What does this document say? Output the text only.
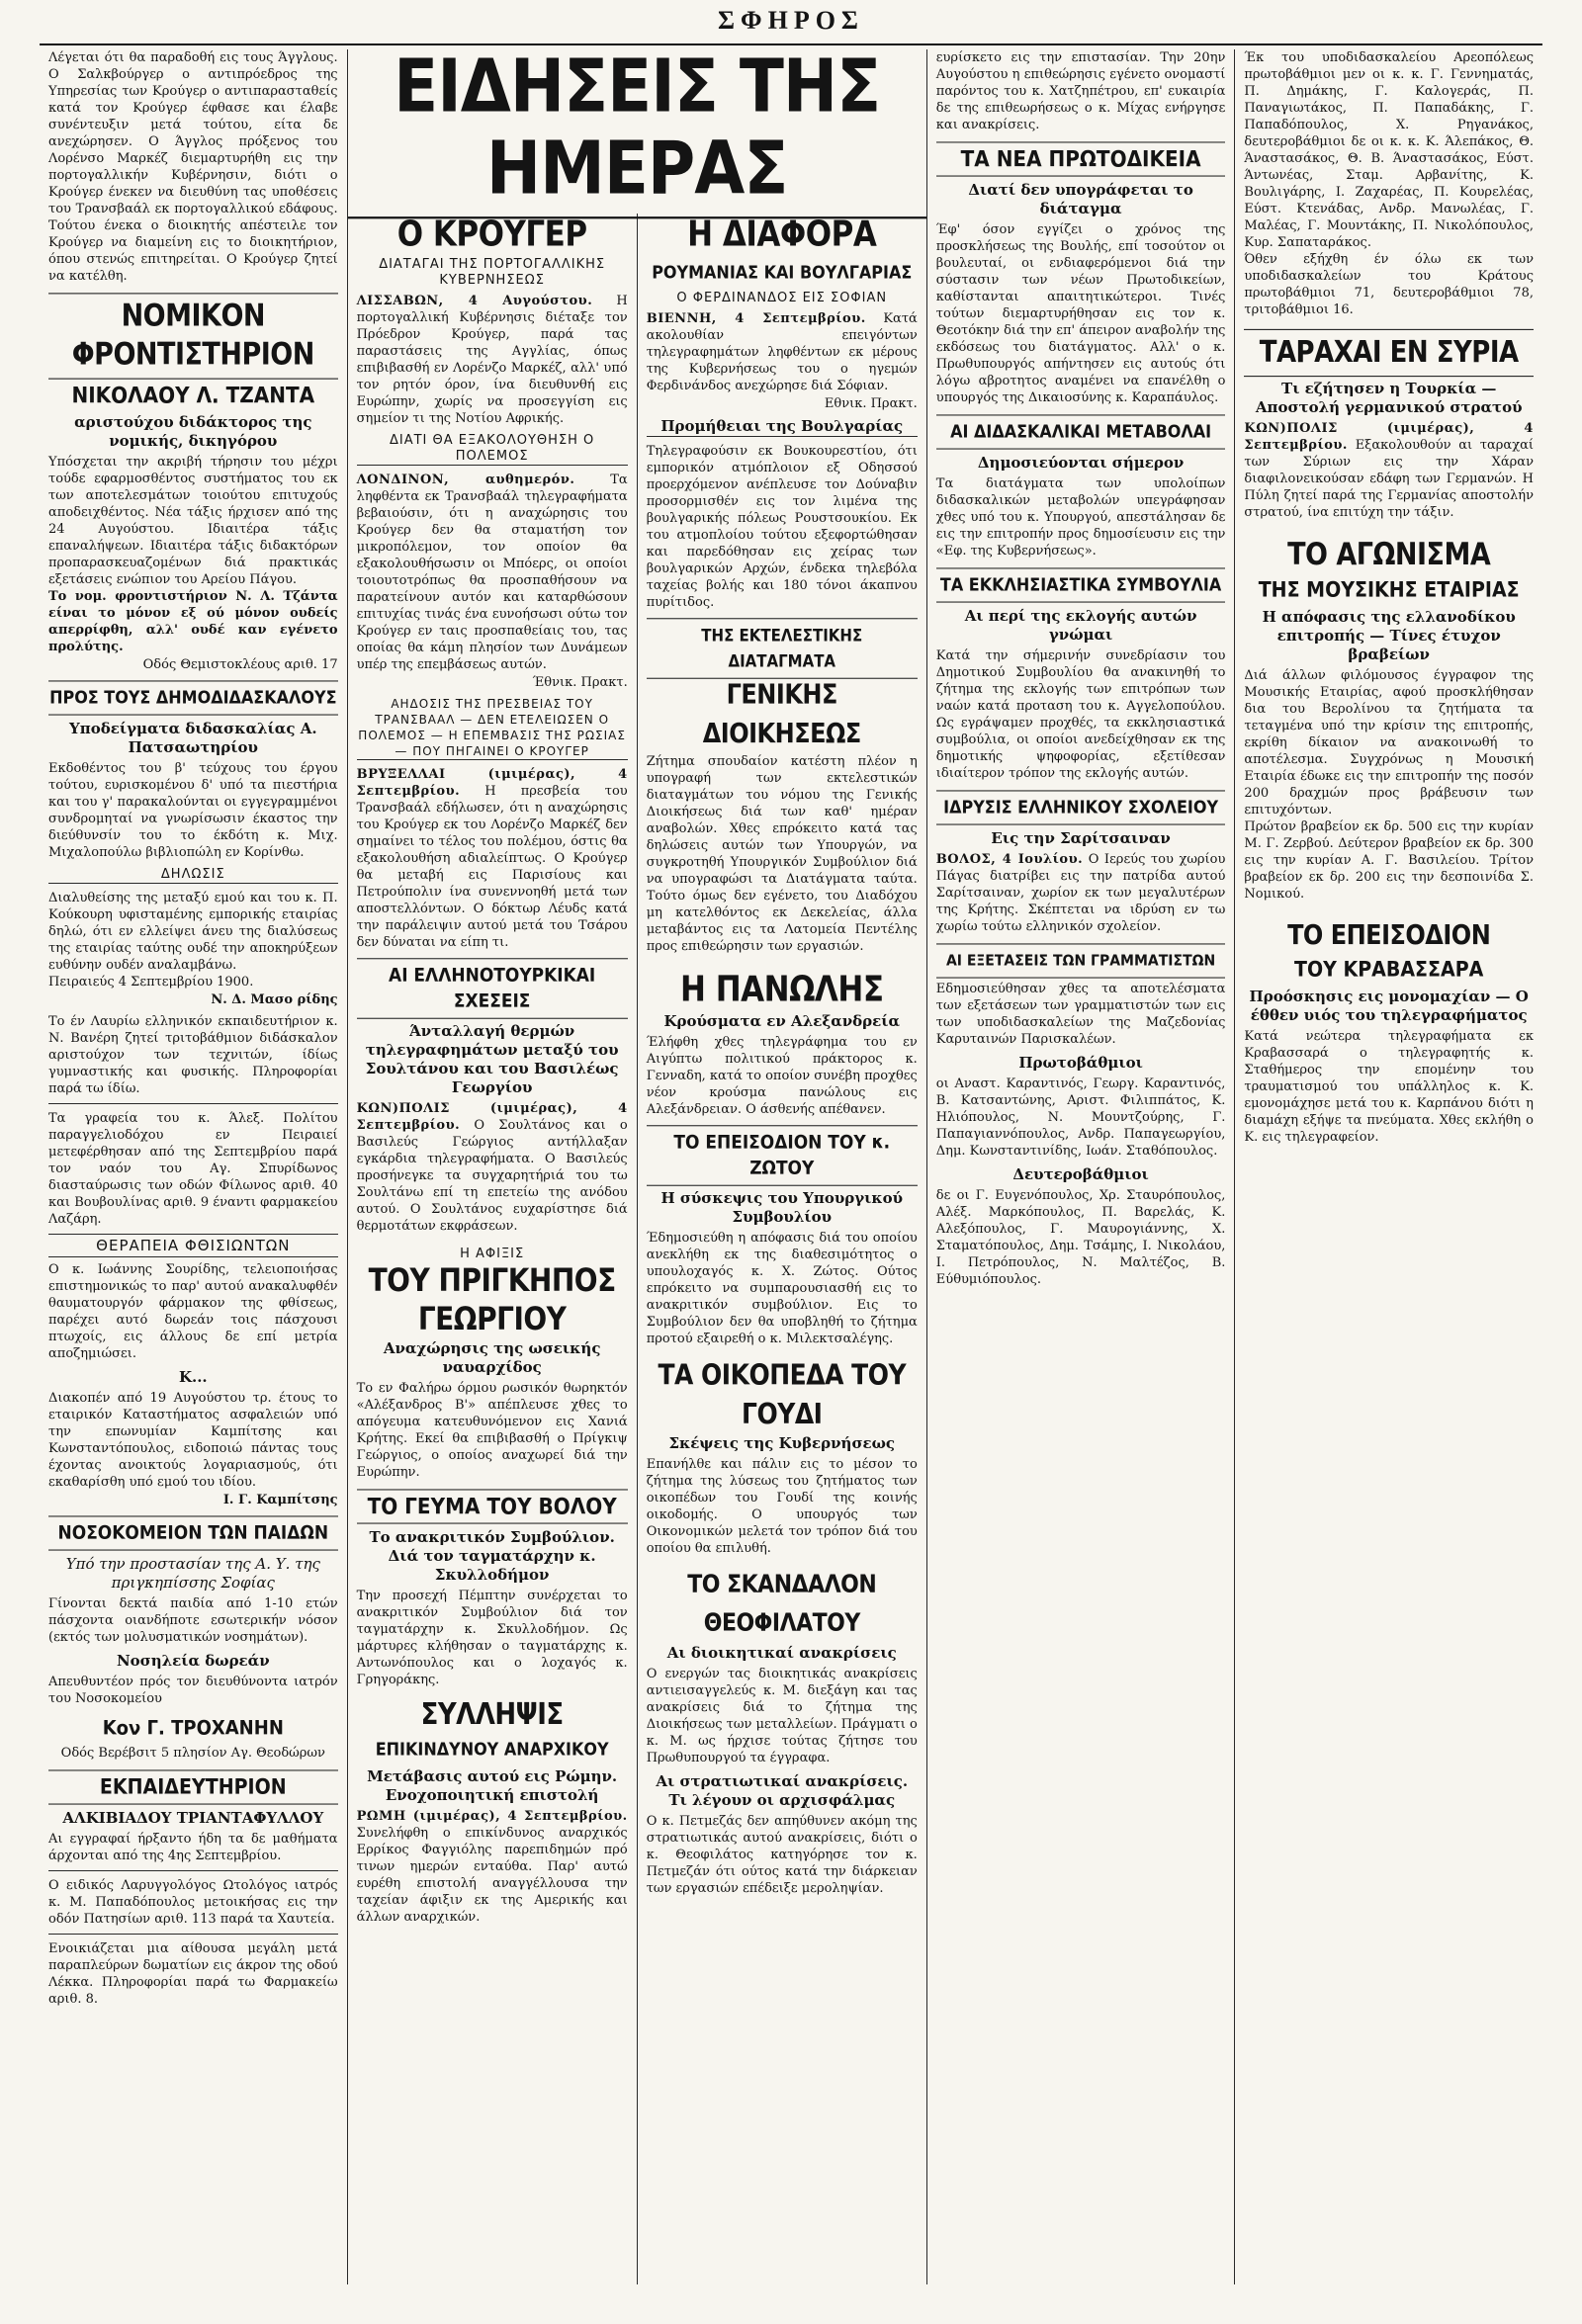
ΣΦΗΡΟΣ

Λέγεται ότι θα παραδοθή εις τους Άγγλους. Ο Σαλκβούργερ ο αντιπρόεδρος της Υπηρεσίας των Κρούγερ ο αντιπαρασταθείς κατά τον Κρούγερ έφθασε και έλαβε συνέντευξιν μετά τούτου, είτα δε ανεχώρησεν. Ο Άγγλος πρόξενος του Λορένσο Μαρκέζ διεμαρτυρήθη εις την πορτογαλλικήν Κυβέρνησιν, διότι ο Κρούγερ ένεκεν να διευθύνη τας υποθέσεις του Τρανσβαάλ εκ πορτογαλλικού εδάφους. Τούτου ένεκα ο διοικητής απέστειλε τον Κρούγερ να διαμείνη εις το διοικητήριον, όπου στενώς επιτηρείται. Ο Κρούγερ ζητεί να κατέλθη.

ΝΟΜΙΚΟΝ ΦΡΟΝΤΙΣΤΗΡΙΟΝ
ΝΙΚΟΛΑΟΥ Λ. ΤΖΑΝΤΑ
αριστούχου διδάκτορος της νομικής, δικηγόρου

Υπόσχεται την ακριβή τήρησιν του μέχρι τούδε εφαρμοσθέντος συστήματος του εκ των αποτελεσμάτων τοιούτου επιτυχούς αποδειχθέντος. Νέα τάξις ήρχισεν από της 24 Αυγούστου. Ιδιαιτέρα τάξις επαναλήψεων. Ιδιαιτέρα τάξις διδακτόρων προπαρασκευαζομένων διά πρακτικάς εξετάσεις ενώπιον του Αρείου Πάγου.

Το νομ. φροντιστήριον Ν. Λ. Τζάντα είναι το μόνον εξ ού μόνον ουδείς απερρίφθη, αλλ' ουδέ καν εγένετο προλύτης.

Οδός Θεμιστοκλέους αριθ. 17
ΠΡΟΣ ΤΟΥΣ ΔΗΜΟΔΙΔΑΣΚΑΛΟΥΣ
Υποδείγματα διδασκαλίας Α. Πατσαωτηρίου

Εκδοθέντος του β' τεύχους του έργου τούτου, ευρισκομένου δ' υπό τα πιεστήρια και του γ' παρακαλούνται οι εγγεγραμμένοι συνδρομηταί να γνωρίσωσιν έκαστος την διεύθυνσίν του το έκδότη κ. Μιχ. Μιχαλοπούλω βιβλιοπώλη εν Κορίνθω.

ΔΗΛΩΣΙΣ

Διαλυθείσης της μεταξύ εμού και του κ. Π. Κούκουρη υφισταμένης εμπορικής εταιρίας δηλώ, ότι εν ελλείψει άνευ της διαλύσεως της εταιρίας ταύτης ουδέ την αποκηρύξεων ευθύνην ουδέν αναλαμβάνω.

Πειραιεύς 4 Σεπτεμβρίου 1900.

Ν. Δ. Μασο ρίδης

Το έν Λαυρίω ελληνικόν εκπαιδευτήριον κ. Ν. Βανέρη ζητεί τριτοβάθμιον διδάσκαλον αριστούχον των τεχνιτών, ίδίως γυμναστικής και φυσικής. Πληροφορίαι παρά τω ίδίω.

Τα γραφεία του κ. Άλεξ. Πολίτου παραγγελιοδόχου εν Πειραιεί μετεφέρθησαν από της Σεπτεμβρίου παρά τον ναόν του Αγ. Σπυρίδωνος διασταύρωσις των οδών Φίλωνος αριθ. 40 και Βουβουλίνας αριθ. 9 έναντι φαρμακείου Λαζάρη.

ΘΕΡΑΠΕΙΑ ΦΘΙΣΙΩΝΤΩΝ

Ο κ. Ιωάννης Σουρίδης, τελειοποιήσας επιστημονικώς το παρ' αυτού ανακαλυφθέν θαυματουργόν φάρμακον της φθίσεως, παρέχει αυτό δωρεάν τοις πάσχουσι πτωχοίς, εις άλλους δε επί μετρία αποζημιώσει.

Κ...

Διακοπέν από 19 Αυγούστου τρ. έτους το εταιρικόν Καταστήματος ασφαλειών υπό την επωνυμίαν Καμπίτσης και Κωνσταντόπουλος, ειδοποιώ πάντας τους έχοντας ανοικτούς λογαριασμούς, ότι εκαθαρίσθη υπό εμού του ιδίου.

Ι. Γ. Καμπίτσης
ΝΟΣΟΚΟΜΕΙΟΝ ΤΩΝ ΠΑΙΔΩΝ
Υπό την προστασίαν της Α. Υ. της πριγκηπίσσης Σοφίας

Γίνονται δεκτά παιδία από 1-10 ετών πάσχοντα οιανδήποτε εσωτερικήν νόσον (εκτός των μολυσματικών νοσημάτων).

Νοσηλεία δωρεάν

Απευθυντέον πρός τον διευθύνοντα ιατρόν του Νοσοκομείου

Κον Γ. ΤΡΟΧΑΝΗΝ

Οδός Βερέβσιτ 5 πλησίον Αγ. Θεοδώρων

ΕΚΠΑΙΔΕΥΤΗΡΙΟΝ
ΑΛΚΙΒΙΑΔΟΥ ΤΡΙΑΝΤΑΦΥΛΛΟΥ

Αι εγγραφαί ήρξαντο ήδη τα δε μαθήματα άρχονται από της 4ης Σεπτεμβρίου.

Ο ειδικός Λαρυγγολόγος Ωτολόγος ιατρός κ. Μ. Παπαδόπουλος μετοικήσας εις την οδόν Πατησίων αριθ. 113 παρά τα Χαυτεία.

Ενοικιάζεται μια αίθουσα μεγάλη μετά παραπλεύρων δωματίων εις άκρον της οδού Λέκκα. Πληροφορίαι παρά τω Φαρμακείω αριθ. 8.

ΕΙΔΗΣΕΙΣ ΤΗΣ ΗΜΕΡΑΣ
Ο ΚΡΟΥΓΕΡ
ΔΙΑΤΑΓΑΙ ΤΗΣ ΠΟΡΤΟΓΑΛΛΙΚΗΣ ΚΥΒΕΡΝΗΣΕΩΣ

ΛΙΣΣΑΒΩΝ, 4 Αυγούστου. Η πορτογαλλική Κυβέρνησις διέταξε τον Πρόεδρον Κρούγερ, παρά τας παραστάσεις της Αγγλίας, όπως επιβιβασθή εν Λορένζο Μαρκέζ, αλλ' υπό τον ρητόν όρον, ίνα διευθυνθή εις Ευρώπην, χωρίς να προσεγγίση εις σημείον τι της Νοτίου Αφρικής.

ΔΙΑΤΙ ΘΑ ΕΞΑΚΟΛΟΥΘΗΣΗ Ο ΠΟΛΕΜΟΣ

ΛΟΝΔΙΝΟΝ, αυθημερόν.	Τα ληφθέντα εκ Τρανσβαάλ τηλεγραφήματα βεβαιούσιν, ότι η αναχώρησις του Κρούγερ δεν θα σταματήση τον μικροπόλεμον, τον οποίον θα εξακολουθήσωσιν οι Μπόερς, οι οποίοι τοιουτοτρόπως θα προσπαθήσουν να παρατείνουν αυτόν και καταρθώσουν επιτυχίας τινάς ένα ευνοήσωσι ούτω τον Κρούγερ εν ταις προσπαθείαις του, τας οποίας θα κάμη πλησίον των Δυνάμεων υπέρ της επεμβάσεως αυτών.

Έθνικ. Πρακτ.
ΑΗΔΟΣΙΣ ΤΗΣ ΠΡΕΣΒΕΙΑΣ ΤΟΥ ΤΡΑΝΣΒΑΑΛ — ΔΕΝ ΕΤΕΛΕΙΩΣΕΝ Ο ΠΟΛΕΜΟΣ — Η ΕΠΕΜΒΑΣΙΣ ΤΗΣ ΡΩΣΙΑΣ — ΠΟΥ ΠΗΓΑΙΝΕΙ Ο ΚΡΟΥΓΕΡ

ΒΡΥΞΕΛΛΑΙ (ιμιμέρας), 4 Σεπτεμβρίου. Η πρεσβεία του Τρανσβαάλ εδήλωσεν, ότι η αναχώρησις του Κρούγερ εκ του Λορένζο Μαρκέζ δεν σημαίνει το τέλος του πολέμου, όστις θα εξακολουθήση αδιαλείπτως. Ο Κρούγερ θα μεταβή εις Παρισίους και Πετρούπολιν ίνα συνεννοηθή μετά των αποστελλόντων. Ο δόκτωρ Λέυδς κατά την παράλειψιν αυτού μετά του Τσάρου δεν δύναται να είπη τι.

ΑΙ ΕΛΛΗΝΟΤΟΥΡΚΙΚΑΙ ΣΧΕΣΕΙΣ
Άνταλλαγή θερμών τηλεγραφημάτων μεταξύ του Σουλτάνου και του Βασιλέως Γεωργίου

ΚΩΝ)ΠΟΛΙΣ (ιμιμέρας), 4 Σεπτεμβρίου. Ο Σουλτάνος και ο Βασιλεύς Γεώργιος αντήλλαξαν εγκάρδια τηλεγραφήματα. Ο Βασιλεύς προσήνεγκε τα συγχαρητήριά του τω Σουλτάνω επί τη επετείω της ανόδου αυτού. Ο Σουλτάνος ευχαρίστησε διά θερμοτάτων εκφράσεων.

Η ΑΦΙΞΙΣ
ΤΟΥ ΠΡΙΓΚΗΠΟΣ ΓΕΩΡΓΙΟΥ
Αναχώρησις της ωσεικής ναυαρχίδος

Το εν Φαλήρω όρμου ρωσικόν θωρηκτόν «Αλέξανδρος Β'» απέπλευσε χθες το απόγευμα κατευθυνόμενον εις Χανιά Κρήτης. Εκεί θα επιβιβασθή ο Πρίγκιψ Γεώργιος, ο οποίος αναχωρεί διά την Ευρώπην.

ΤΟ ΓΕΥΜΑ ΤΟΥ ΒΟΛΟΥ
Το ανακριτικόν Συμβούλιον. Διά τον ταγματάρχην κ. Σκυλλοδήμον

Την προσεχή Πέμπτην συνέρχεται το ανακριτικόν Συμβούλιον διά τον ταγματάρχην κ. Σκυλλοδήμον. Ως μάρτυρες κλήθησαν ο ταγματάρχης κ. Αντωνόπουλος και ο λοχαγός κ. Γρηγοράκης.

ΣΥΛΛΗΨΙΣ
ΕΠΙΚΙΝΔΥΝΟΥ ΑΝΑΡΧΙΚΟΥ
Μετάβασις αυτού εις Ρώμην. Ενοχοποιητική επιστολή

ΡΩΜΗ (ιμιμέρας), 4 Σεπτεμβρίου. Συνελήφθη ο επικίνδυνος αναρχικός Ερρίκος Φαγγιόλης παρεπιδημών πρό τινων ημερών ενταύθα. Παρ' αυτώ ευρέθη επιστολή αναγγέλλουσα την ταχείαν άφιξιν εκ της Αμερικής και άλλων αναρχικών.

Η ΔΙΑΦΟΡΑ
ΡΟΥΜΑΝΙΑΣ ΚΑΙ ΒΟΥΛΓΑΡΙΑΣ
Ο ΦΕΡΔΙΝΑΝΔΟΣ ΕΙΣ ΣΟΦΙΑΝ

ΒΙΕΝΝΗ, 4 Σεπτεμβρίου. Κατά ακολουθίαν επειγόντων τηλεγραφημάτων ληφθέντων εκ μέρους της Κυβερνήσεως του ο ηγεμών Φερδινάνδος ανεχώρησε διά Σόφιαν.

Εθνικ. Πρακτ.
Προμήθειαι της Βουλγαρίας

Τηλεγραφούσιν εκ Βουκουρεστίου, ότι εμπορικόν ατμόπλοιον εξ Οδησσού προερχόμενον ανέπλευσε τον Δούναβιν προσορμισθέν εις τον λιμένα της βουλγαρικής πόλεως Ρουστσουκίου. Εκ του ατμοπλοίου τούτου εξεφορτώθησαν και παρεδόθησαν εις χείρας των βουλγαρικών Αρχών, ένδεκα τηλεβόλα ταχείας βολής και 180 τόνοι άκαπνου πυρίτιδος.

ΤΗΣ ΕΚΤΕΛΕΣΤΙΚΗΣ ΔΙΑΤΑΓΜΑΤΑ
ΓΕΝΙΚΗΣ ΔΙΟΙΚΗΣΕΩΣ

Ζήτημα σπουδαίον κατέστη πλέον η υπογραφή των εκτελεστικών διαταγμάτων του νόμου της Γενικής Διοικήσεως διά των καθ' ημέραν αναβολών. Χθες επρόκειτο κατά τας δηλώσεις αυτών των Υπουργών, να συγκροτηθή Υπουργικόν Συμβούλιον διά να υπογραφώσι τα Διατάγματα ταύτα. Τούτο όμως δεν εγένετο, του Διαδόχου μη κατελθόντος εκ Δεκελείας, άλλα μεταβάντος εις τα Λατομεία Πεντέλης προς επιθεώρησιν των εργασιών.

Η ΠΑΝΩΛΗΣ
Κρούσματα εν Αλεξανδρεία

Έλήφθη χθες τηλεγράφημα του εν Αιγύπτω πολιτικού πράκτορος κ. Γενναδη, κατά το οποίον συνέβη προχθες νέον κρούσμα πανώλους εις Αλεξάνδρειαν. Ο άσθενής απέθανεν.

ΤΟ ΕΠΕΙΣΟΔΙΟΝ ΤΟΥ κ. ΖΩΤΟΥ
Η σύσκεψις του Υπουργικού Συμβουλίου

Έδημοσιεύθη η απόφασις διά του οποίου ανεκλήθη εκ της διαθεσιμότητος ο υπουλοχαγός κ. Χ. Ζώτος. Ούτος επρόκειτο να συμπαρουσιασθή εις το ανακριτικόν συμβούλιον. Εις το Συμβούλιον δεν θα υποβληθή το ζήτημα προτού εξαιρεθή ο κ. Μιλεκτσαλέγης.

ΤΑ ΟΙΚΟΠΕΔΑ ΤΟΥ ΓΟΥΔΙ
Σκέψεις της Κυβερνήσεως

Επανήλθε και πάλιν εις το μέσον το ζήτημα της λύσεως του ζητήματος των οικοπέδων του Γουδί της κοινής οικοδομής. Ο υπουργός των Οικονομικών μελετά τον τρόπον διά του οποίου θα επιλυθή.

ΤΟ ΣΚΑΝΔΑΛΟΝ ΘΕΟΦΙΛΑΤΟΥ
Αι διοικητικαί ανακρίσεις

Ο ενεργών τας διοικητικάς ανακρίσεις αντιεισαγγελεύς κ. Μ. διεξάγη και τας ανακρίσεις διά το ζήτημα της Διοικήσεως των μεταλλείων. Πράγματι ο κ. Μ. ως ήρχισε τούτας ζήτησε του Πρωθυπουργού τα έγγραφα.

Αι στρατιωτικαί ανακρίσεις. Τι λέγουν οι αρχισφάλμας

Ο κ. Πετμεζάς δεν απηύθυνεν ακόμη της στρατιωτικάς αυτού ανακρίσεις, διότι ο κ. Θεοφιλάτος κατηγόρησε τον κ. Πετμεζάν ότι ούτος κατά την διάρκειαν των εργασιών επέδειξε μεροληψίαν.

ευρίσκετο εις την επιστασίαν. Την 20ην Αυγούστου η επιθεώρησις εγένετο ονομαστί παρόντος του κ. Χατζηπέτρου, επ' ευκαιρία δε της επιθεωρήσεως ο κ. Μίχας ενήργησε και ανακρίσεις.

ΤΑ ΝΕΑ ΠΡΩΤΟΔΙΚΕΙΑ
Διατί δεν υπογράφεται το διάταγμα

Έφ' όσον εγγίζει ο χρόνος της προσκλήσεως της Βουλής, επί τοσούτον οι βουλευταί, οι ενδιαφερόμενοι διά την σύστασιν των νέων Πρωτοδικείων, καθίστανται απαιτητικώτεροι. Τινές τούτων διεμαρτυρήθησαν εις τον κ. Θεοτόκην διά την επ' άπειρον αναβολήν της εκδόσεως του διατάγματος. Αλλ' ο κ. Πρωθυπουργός απήντησεν εις αυτούς ότι λόγω αβροτητος αναμένει να επανέλθη ο υπουργός της Δικαιοσύνης κ. Καραπάυλος.

ΑΙ ΔΙΔΑΣΚΑΛΙΚΑΙ ΜΕΤΑΒΟΛΑΙ
Δημοσιεύονται σήμερον

Τα διατάγματα των υπολοίπων διδασκαλικών μεταβολών υπεγράφησαν χθες υπό του κ. Υπουργού, απεστάλησαν δε εις την επιτροπήν προς δημοσίευσιν εις την «Εφ. της Κυβερνήσεως».

ΤΑ ΕΚΚΛΗΣΙΑΣΤΙΚΑ ΣΥΜΒΟΥΛΙΑ
Αι περί της εκλογής αυτών γνώμαι

Κατά την σήμερινήν συνεδρίασιν του Δημοτικού Συμβουλίου θα ανακινηθή το ζήτημα της εκλογής των επιτρόπων των ναών κατά προταση του κ. Αγγελοπούλου. Ως εγράψαμεν προχθές, τα εκκλησιαστικά συμβούλια, οι οποίοι ανεδείχθησαν εκ της δημοτικής ψηφοφορίας, εξετίθεσαν ιδιαίτερον τρόπον της εκλογής αυτών.

ΙΔΡΥΣΙΣ ΕΛΛΗΝΙΚΟΥ ΣΧΟΛΕΙΟΥ
Εις την Σαρίτσαιναν

ΒΟΛΟΣ, 4 Ιουλίου. Ο Ιερεύς του χωρίου Πάγας διατρίβει εις την πατρίδα αυτού Σαρίτσαιναν, χωρίον εκ των μεγαλυτέρων της Κρήτης. Σκέπτεται να ιδρύση εν τω χωρίω τούτω ελληνικόν σχολείον.

ΑΙ ΕΞΕΤΑΣΕΙΣ ΤΩΝ ΓΡΑΜΜΑΤΙΣΤΩΝ

Εδημοσιεύθησαν χθες τα αποτελέσματα των εξετάσεων των γραμματιστών των εις των υποδιδασκαλείων της Μαζεδονίας Καρυταινών Παρισκαλέων.

Πρωτοβάθμιοι

οι Αναστ. Καραντινός, Γεωργ. Καραντινός, Β. Κατσαντώνης, Αριστ. Φιλιππάτος, Κ. Ηλιόπουλος, Ν. Μουντζούρης, Γ. Παπαγιαννόπουλος, Ανδρ. Παπαγεωργίου, Δημ. Κωνσταντινίδης, Ιωάν. Σταθόπουλος.

Δευτεροβάθμιοι

δε οι Γ. Ευγενόπουλος, Χρ. Σταυρόπουλος, Αλέξ. Μαρκόπουλος, Π. Βαρελάς, Κ. Αλεξόπουλος, Γ. Μαυρογιάννης, Χ. Σταματόπουλος, Δημ. Τσάμης, Ι. Νικολάου, Ι. Πετρόπουλος, Ν. Μαλτέζος, Β. Εύθυμιόπουλος.

Έκ του υποδιδασκαλείου Αρεοπόλεως πρωτοβάθμιοι μεν οι κ. κ. Γ. Γεννηματάς, Π. Δημάκης, Γ. Καλογεράς, Π. Παναγιωτάκος, Π. Παπαδάκης, Γ. Παπαδόπουλος, Χ. Ρηγανάκος, δευτεροβάθμιοι δε οι κ. κ. Κ. Άλεπάκος, Θ. Άναστασάκος, Θ. Β. Άναστασάκος, Εύστ. Άντωνέας, Σταμ. Αρβανίτης, Κ. Βουλιγάρης, Ι. Ζαχαρέας, Π. Κουρελέας, Εύστ. Κτενάδας, Ανδρ. Μανωλέας, Γ. Μαλέας, Γ. Μουντάκης, Π. Νικολόπουλος, Κυρ. Σαπαταράκος.

Όθεν εξήχθη έν όλω εκ των υποδιδασκαλείων του Κράτους πρωτοβάθμιοι 71, δευτεροβάθμιοι 78, τριτοβάθμιοι 16.

ΤΑΡΑΧΑΙ ΕΝ ΣΥΡΙΑ
Τι εζήτησεν η Τουρκία — Αποστολή γερμανικού στρατού

ΚΩΝ)ΠΟΛΙΣ (ιμιμέρας), 4 Σεπτεμβρίου. Εξακολουθούν αι ταραχαί των Σύριων εις την Χάραν διαφιλονεικούσαν εδάφη των Γερμανών. Η Πύλη ζητεί παρά της Γερμανίας αποστολήν στρατού, ίνα επιτύχη την τάξιν.

ΤΟ ΑΓΩΝΙΣΜΑ
ΤΗΣ ΜΟΥΣΙΚΗΣ ΕΤΑΙΡΙΑΣ
Η απόφασις της ελλανοδίκου επιτροπής — Τίνες έτυχον βραβείων

Διά άλλων φιλόμουσος έγγραφον της Μουσικής Εταιρίας, αφού προσκλήθησαν δια του Βερολίνου τα ζητήματα τα τεταγμένα υπό την κρίσιν της επιτροπής, εκρίθη δίκαιον να ανακοινωθή το αποτέλεσμα. Συγχρόνως η Μουσική Εταιρία έδωκε εις την επιτροπήν της ποσόν 200 δραχμών προς βράβευσιν των επιτυχόντων.

Πρώτον βραβείον εκ δρ. 500 εις την κυρίαν Μ. Γ. Ζερβού. Δεύτερον βραβείον εκ δρ. 300 εις την κυρίαν Α. Γ. Βασιλείου. Τρίτον βραβείον εκ δρ. 200 εις την δεσποινίδα Σ. Νομικού.

ΤΟ ΕΠΕΙΣΟΔΙΟΝ
ΤΟΥ ΚΡΑΒΑΣΣΑΡΑ
Προόσκησις εις μονομαχίαν — Ο έθθεν υιός του τηλεγραφήματος

Κατά νεώτερα τηλεγραφήματα εκ Κραβασσαρά ο τηλεγραφητής κ. Σταθήμερος την επομένην του τραυματισμού του υπάλληλος κ. Κ. εμονομάχησε μετά του κ. Καρπάνου διότι η διαμάχη εξήψε τα πνεύματα. Χθες εκλήθη ο Κ. εις τηλεγραφείον.
